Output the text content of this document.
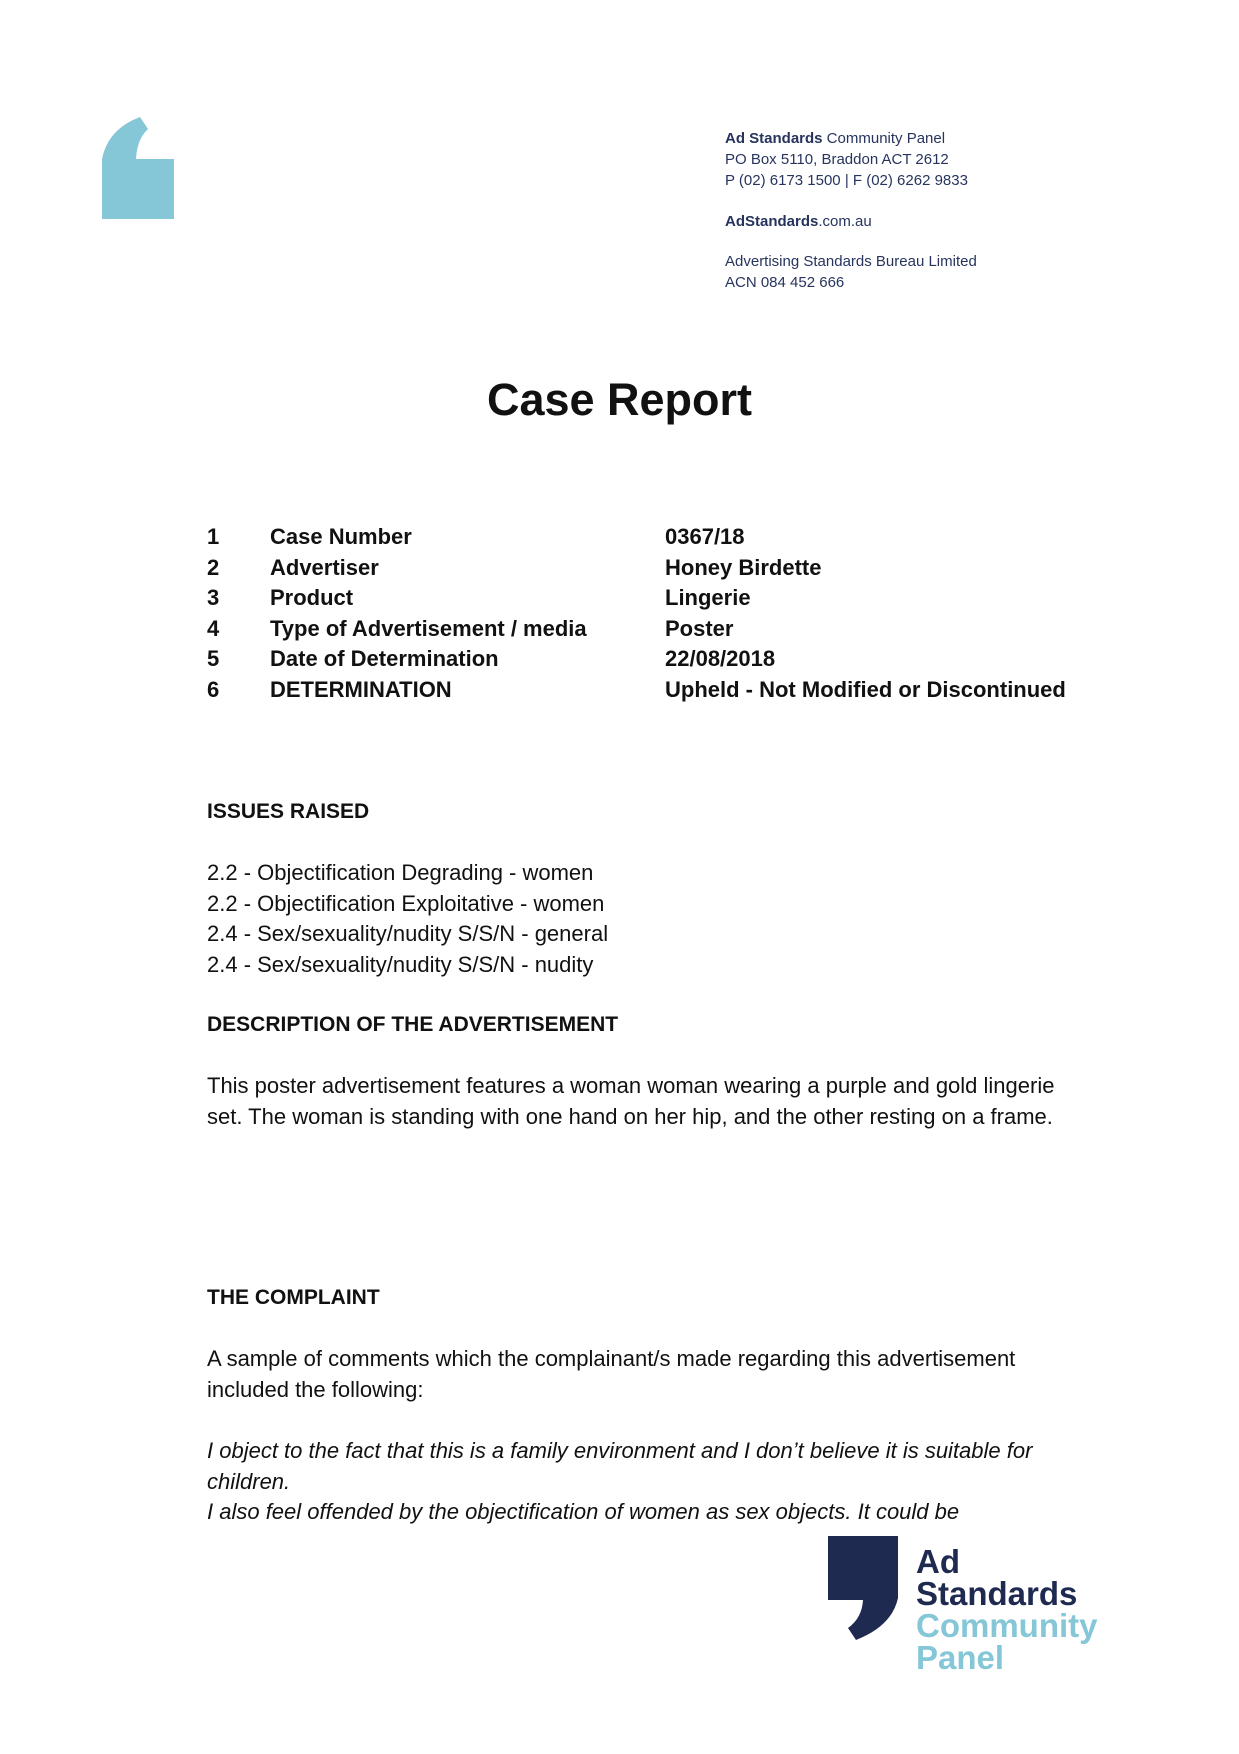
Ad Standards Community Panel
PO Box 5110, Braddon ACT 2612
P (02) 6173 1500 | F (02) 6262 9833
AdStandards.com.au
Advertising Standards Bureau Limited
ACN 084 452 666
Case Report
1 Case Number	0367/18
2 Advertiser	Honey Birdette
3 Product	Lingerie
4 Type of Advertisement / media	Poster
5 Date of Determination	22/08/2018
6 DETERMINATION	Upheld - Not Modified or Discontinued

ISSUES RAISED

2.2 - Objectification Degrading - women
2.2 - Objectification Exploitative - women
2.4 - Sex/sexuality/nudity S/S/N - general
2.4 - Sex/sexuality/nudity S/S/N - nudity

DESCRIPTION OF THE ADVERTISEMENT

This poster advertisement features a woman woman wearing a purple and gold lingerie set. The woman is standing with one hand on her hip, and the other resting on a frame.

THE COMPLAINT

A sample of comments which the complainant/s made regarding this advertisement included the following:
I object to the fact that this is a family environment and I don’t believe it is suitable for
children.
I also feel offended by the objectification of women as sex objects. It could be
Ad
Standards
Community
Panel
